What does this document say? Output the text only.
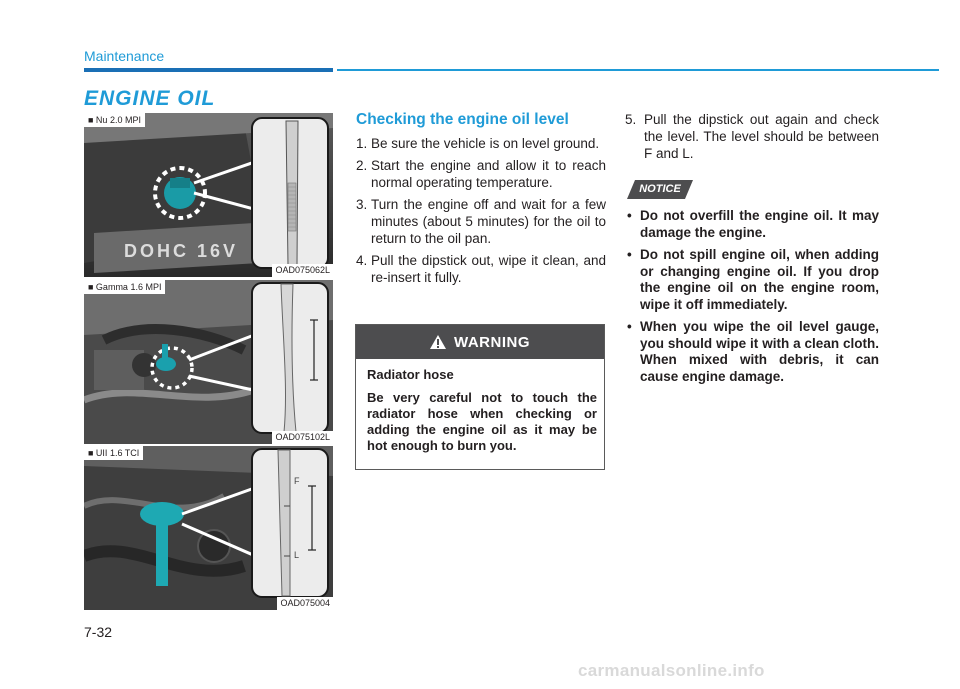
Maintenance
ENGINE OIL
DOHC 16V
■ Nu 2.0 MPI
OAD075062L
■ Gamma 1.6 MPI
OAD075102L
F
L
■ UII 1.6 TCI
OAD075004
Checking the engine oil level
1. Be sure the vehicle is on level ground.
2. Start the engine and allow it to reach normal operating temperature.
3. Turn the engine off and wait for a few minutes (about 5 minutes) for the oil to return to the oil pan.
4. Pull the dipstick out, wipe it clean, and re-insert it fully.
WARNING

Radiator hose

Be very careful not to touch the radiator hose when checking or adding the engine oil as it may be hot enough to burn you.

5. Pull the dipstick out again and check the level. The level should be between F and L.
NOTICE
• Do not overfill the engine oil. It may damage the engine.
• Do not spill engine oil, when adding or changing engine oil. If you drop the engine oil on the engine room, wipe it off immediately.
• When you wipe the oil level gauge, you should wipe it with a clean cloth. When mixed with debris, it can cause engine damage.
7-32
carmanualsonline.info
